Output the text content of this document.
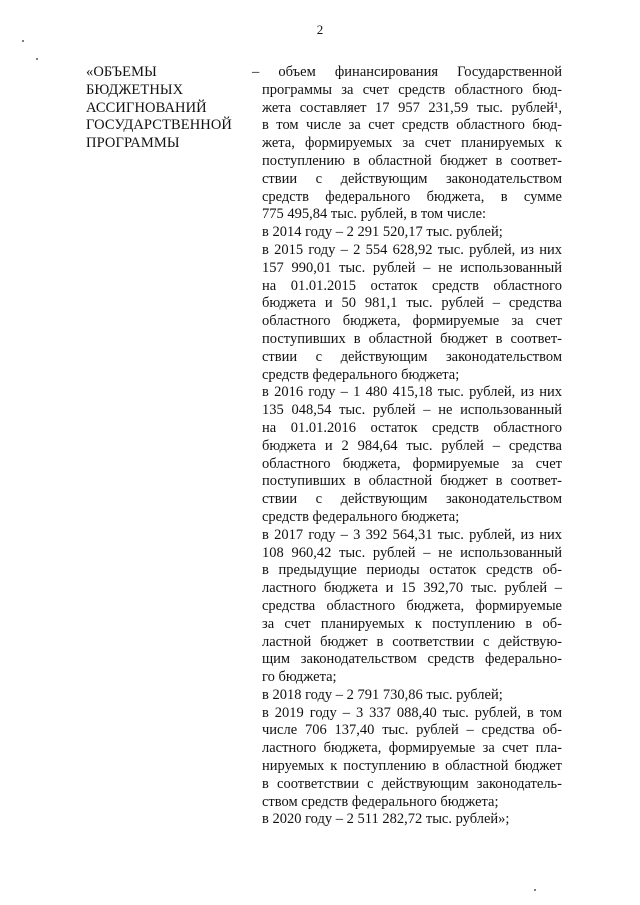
2
«ОБЪЕМЫ
БЮДЖЕТНЫХ
АССИГНОВАНИЙ
ГОСУДАРСТВЕННОЙ
ПРОГРАММЫ
– объем финансирования Государственной
программы за счет средств областного бюд-
жета составляет 17 957 231,59 тыс. рублей¹,
в том числе за счет средств областного бюд-
жета, формируемых за счет планируемых к
поступлению в областной бюджет в соответ-
ствии с действующим законодательством
средств федерального бюджета, в сумме
775 495,84 тыс. рублей, в том числе:
в 2014 году – 2 291 520,17 тыс. рублей;
в 2015 году – 2 554 628,92 тыс. рублей, из них
157 990,01 тыс. рублей – не использованный
на 01.01.2015 остаток средств областного
бюджета и 50 981,1 тыс. рублей – средства
областного бюджета, формируемые за счет
поступивших в областной бюджет в соответ-
ствии с действующим законодательством
средств федерального бюджета;
в 2016 году – 1 480 415,18 тыс. рублей, из них
135 048,54 тыс. рублей – не использованный
на 01.01.2016 остаток средств областного
бюджета и 2 984,64 тыс. рублей – средства
областного бюджета, формируемые за счет
поступивших в областной бюджет в соответ-
ствии с действующим законодательством
средств федерального бюджета;
в 2017 году – 3 392 564,31 тыс. рублей, из них
108 960,42 тыс. рублей – не использованный
в предыдущие периоды остаток средств об-
ластного бюджета и 15 392,70 тыс. рублей –
средства областного бюджета, формируемые
за счет планируемых к поступлению в об-
ластной бюджет в соответствии с действую-
щим законодательством средств федерально-
го бюджета;
в 2018 году – 2 791 730,86 тыс. рублей;
в 2019 году – 3 337 088,40 тыс. рублей, в том
числе 706 137,40 тыс. рублей – средства об-
ластного бюджета, формируемые за счет пла-
нируемых к поступлению в областной бюджет
в соответствии с действующим законодатель-
ством средств федерального бюджета;
в 2020 году – 2 511 282,72 тыс. рублей»;
